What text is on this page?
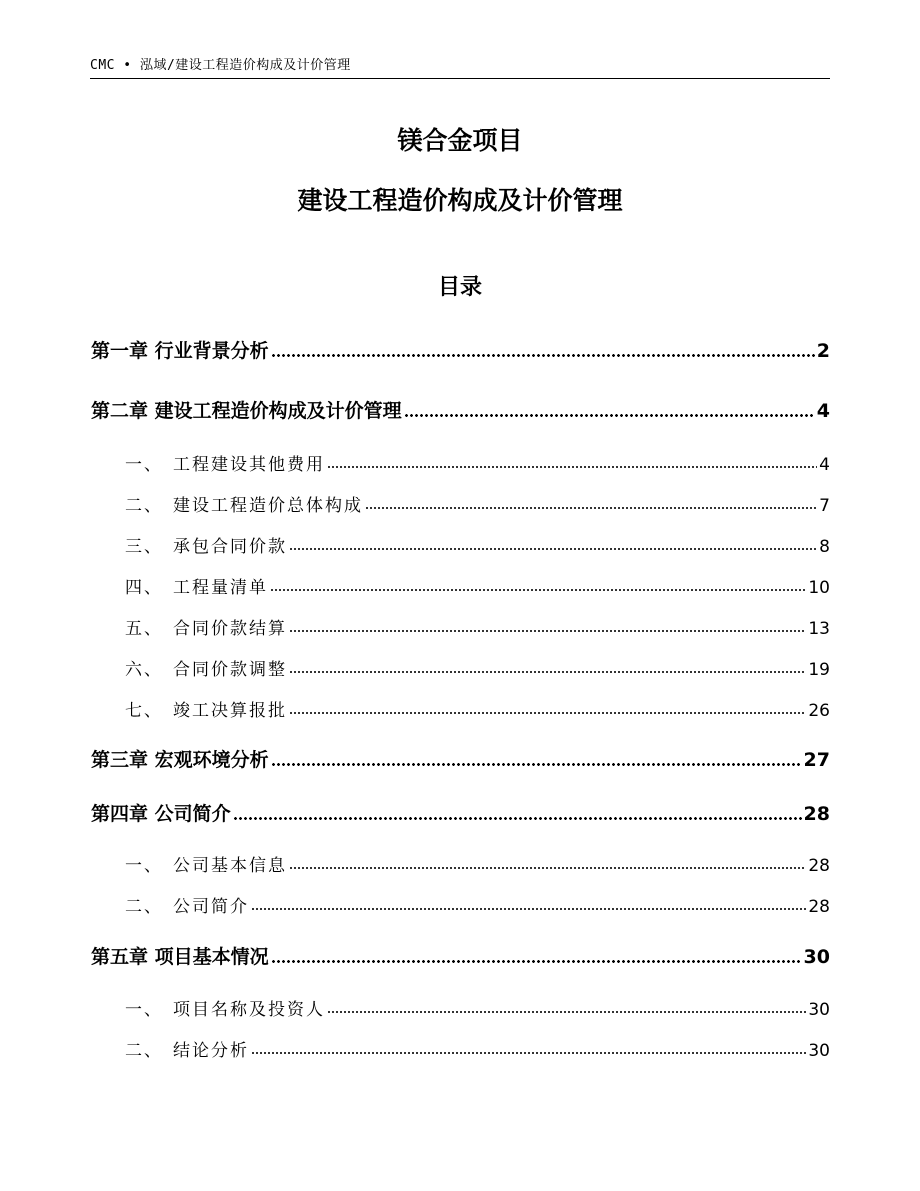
CMC • 泓域/建设工程造价构成及计价管理
镁合金项目
建设工程造价构成及计价管理
目录
第一章 行业背景分析	2
第二章 建设工程造价构成及计价管理	4
一、 工程建设其他费用	4
二、 建设工程造价总体构成	7
三、 承包合同价款	8
四、 工程量清单	10
五、 合同价款结算	13
六、 合同价款调整	19
七、 竣工决算报批	26
第三章 宏观环境分析	27
第四章 公司简介	28
一、 公司基本信息	28
二、 公司简介	28
第五章 项目基本情况	30
一、 项目名称及投资人	30
二、 结论分析	30
